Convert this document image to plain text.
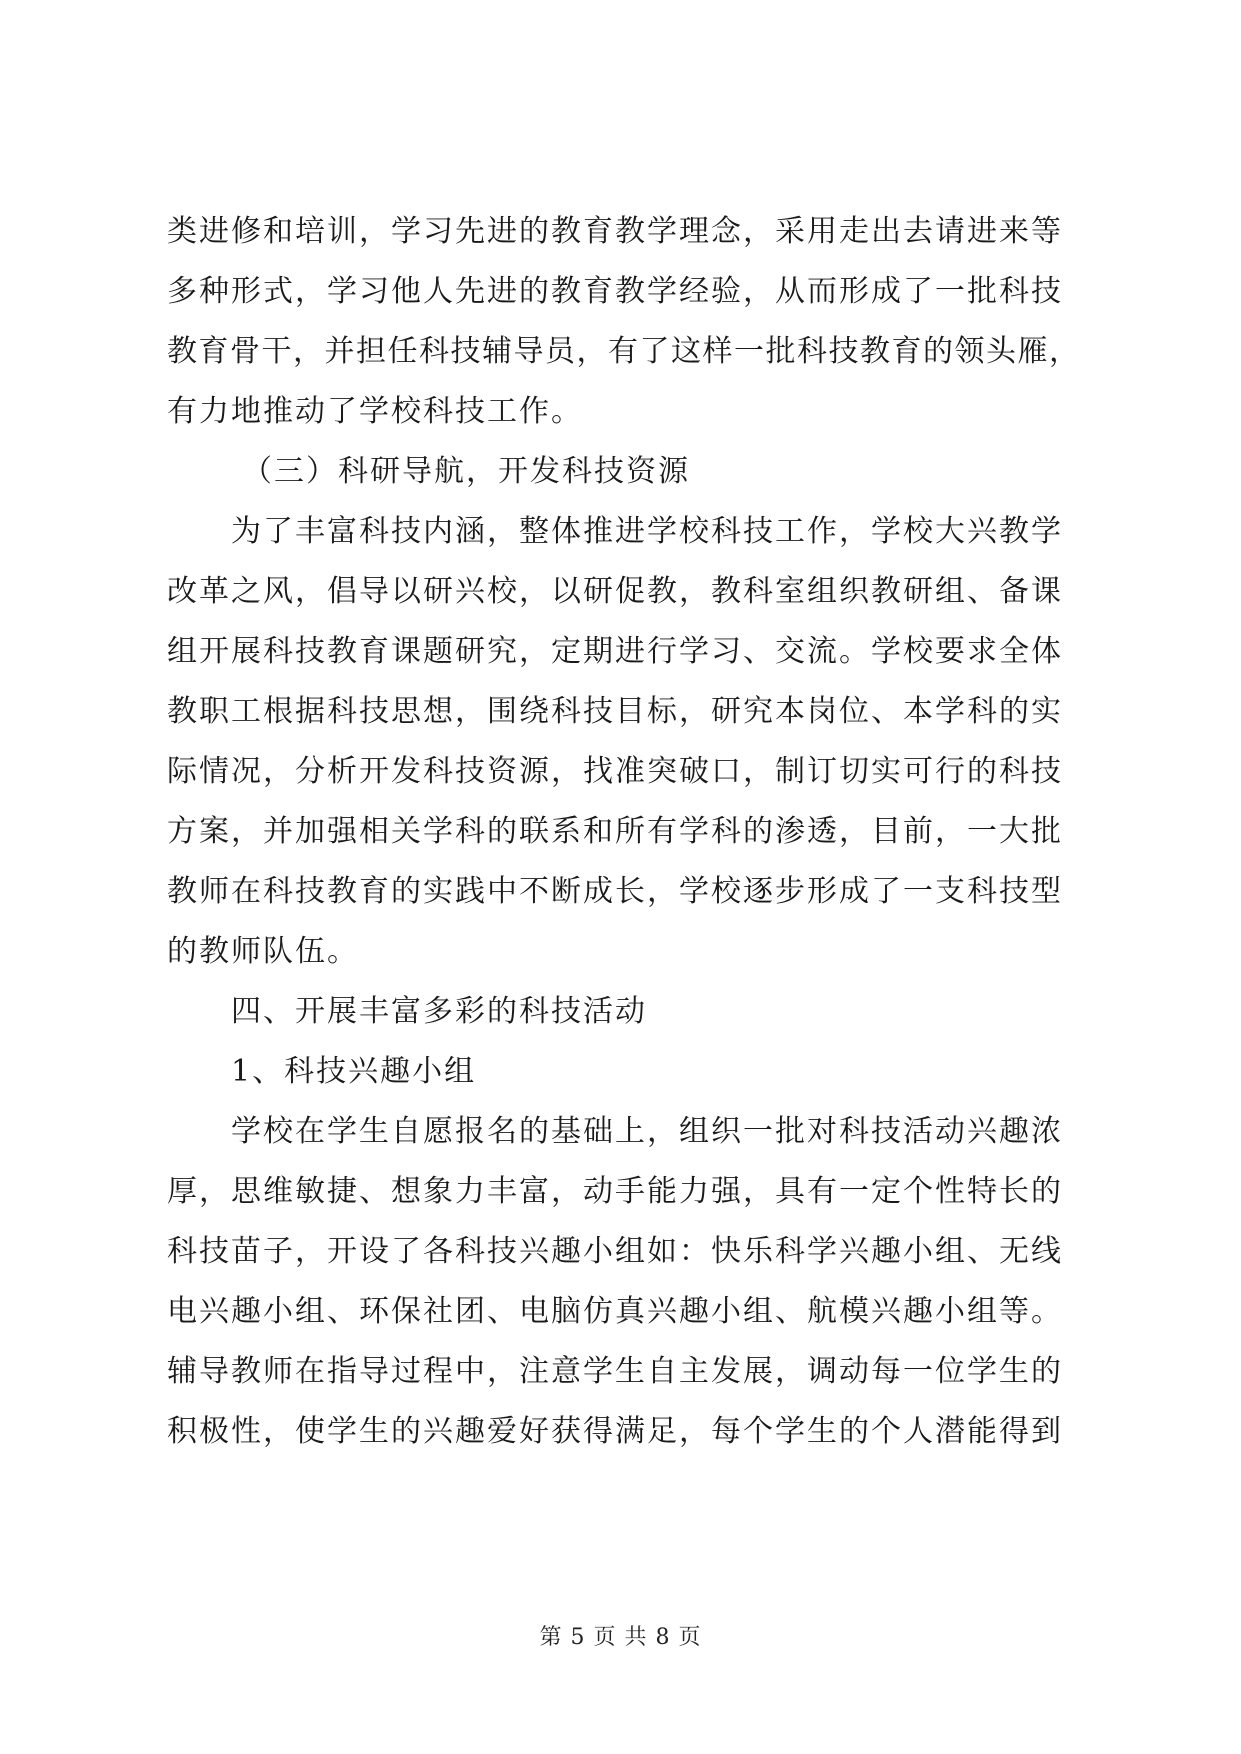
类进修和培训，学习先进的教育教学理念，采用走出去请进来等
多种形式，学习他人先进的教育教学经验，从而形成了一批科技
教育骨干，并担任科技辅导员，有了这样一批科技教育的领头雁，
有力地推动了学校科技工作。
（三）科研导航，开发科技资源
为了丰富科技内涵，整体推进学校科技工作，学校大兴教学
改革之风，倡导以研兴校，以研促教，教科室组织教研组、备课
组开展科技教育课题研究，定期进行学习、交流。学校要求全体
教职工根据科技思想，围绕科技目标，研究本岗位、本学科的实
际情况，分析开发科技资源，找准突破口，制订切实可行的科技
方案，并加强相关学科的联系和所有学科的渗透，目前，一大批
教师在科技教育的实践中不断成长，学校逐步形成了一支科技型
的教师队伍。
四、开展丰富多彩的科技活动
1、科技兴趣小组
学校在学生自愿报名的基础上，组织一批对科技活动兴趣浓
厚，思维敏捷、想象力丰富，动手能力强，具有一定个性特长的
科技苗子，开设了各科技兴趣小组如：快乐科学兴趣小组、无线
电兴趣小组、环保社团、电脑仿真兴趣小组、航模兴趣小组等。
辅导教师在指导过程中，注意学生自主发展，调动每一位学生的
积极性，使学生的兴趣爱好获得满足，每个学生的个人潜能得到
第 5 页 共 8 页
